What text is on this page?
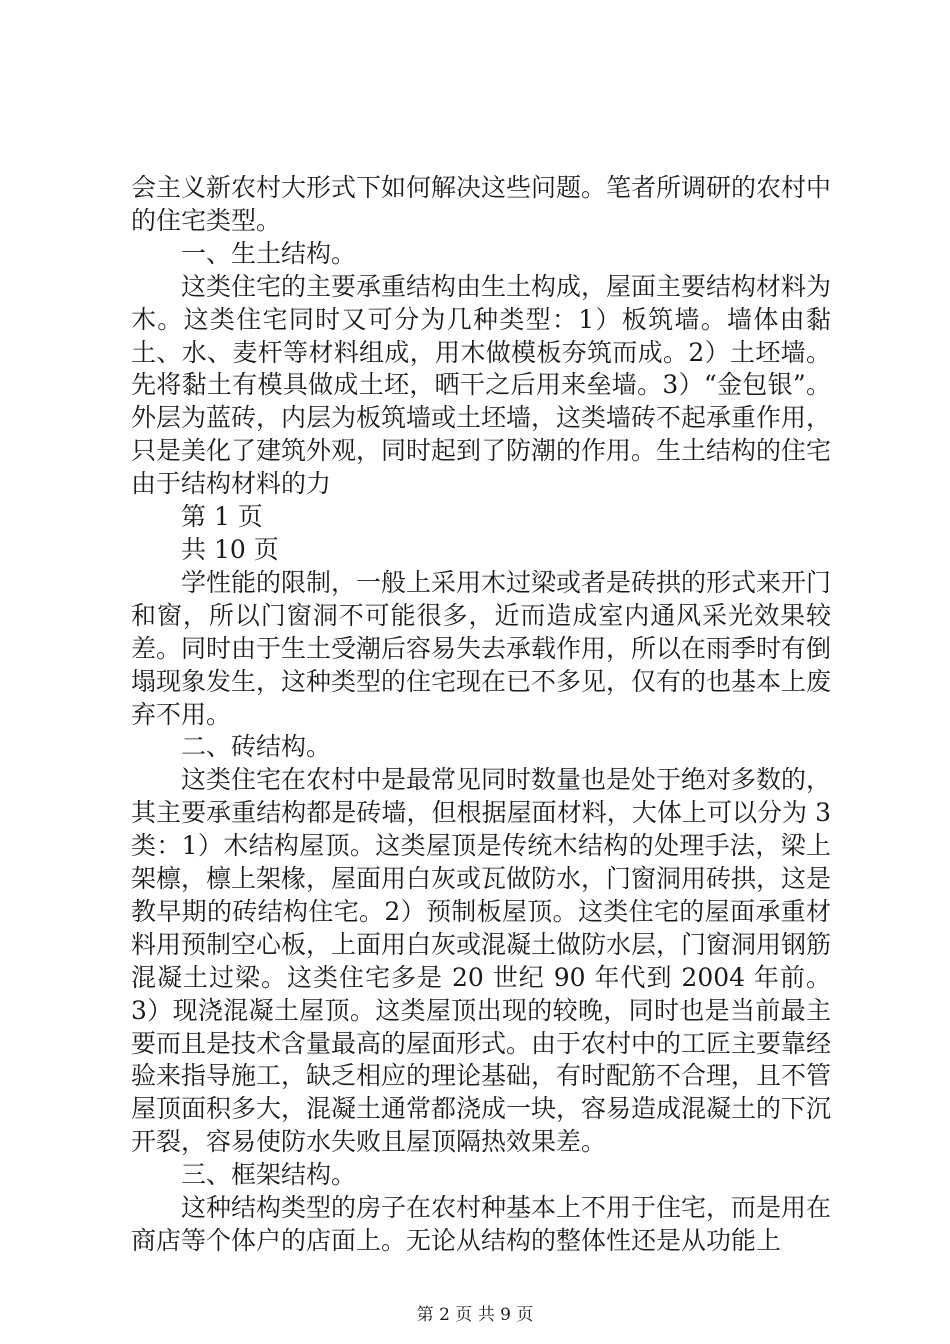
会主义新农村大形式下如何解决这些问题。笔者所调研的农村中的住宅类型。

一、生土结构。

这类住宅的主要承重结构由生土构成，屋面主要结构材料为木。这类住宅同时又可分为几种类型：1）板筑墙。墙体由黏土、水、麦杆等材料组成，用木做模板夯筑而成。2）土坯墙。先将黏土有模具做成土坯，晒干之后用来垒墙。3）“金包银”。外层为蓝砖，内层为板筑墙或土坯墙，这类墙砖不起承重作用，只是美化了建筑外观，同时起到了防潮的作用。生土结构的住宅由于结构材料的力

第 1 页

共 10 页

学性能的限制，一般上采用木过梁或者是砖拱的形式来开门和窗，所以门窗洞不可能很多，近而造成室内通风采光效果较差。同时由于生土受潮后容易失去承载作用，所以在雨季时有倒塌现象发生，这种类型的住宅现在已不多见，仅有的也基本上废弃不用。

二、砖结构。

这类住宅在农村中是最常见同时数量也是处于绝对多数的，其主要承重结构都是砖墙，但根据屋面材料，大体上可以分为 3 类：1）木结构屋顶。这类屋顶是传统木结构的处理手法，梁上架檩，檩上架椽，屋面用白灰或瓦做防水，门窗洞用砖拱，这是教早期的砖结构住宅。2）预制板屋顶。这类住宅的屋面承重材料用预制空心板，上面用白灰或混凝土做防水层，门窗洞用钢筋混凝土过梁。这类住宅多是 20 世纪 90 年代到 2004 年前。3）现浇混凝土屋顶。这类屋顶出现的较晚，同时也是当前最主要而且是技术含量最高的屋面形式。由于农村中的工匠主要靠经验来指导施工，缺乏相应的理论基础，有时配筋不合理，且不管屋顶面积多大，混凝土通常都浇成一块，容易造成混凝土的下沉开裂，容易使防水失败且屋顶隔热效果差。

三、框架结构。

这种结构类型的房子在农村种基本上不用于住宅，而是用在商店等个体户的店面上。无论从结构的整体性还是从功能上

第 2 页 共 9 页
